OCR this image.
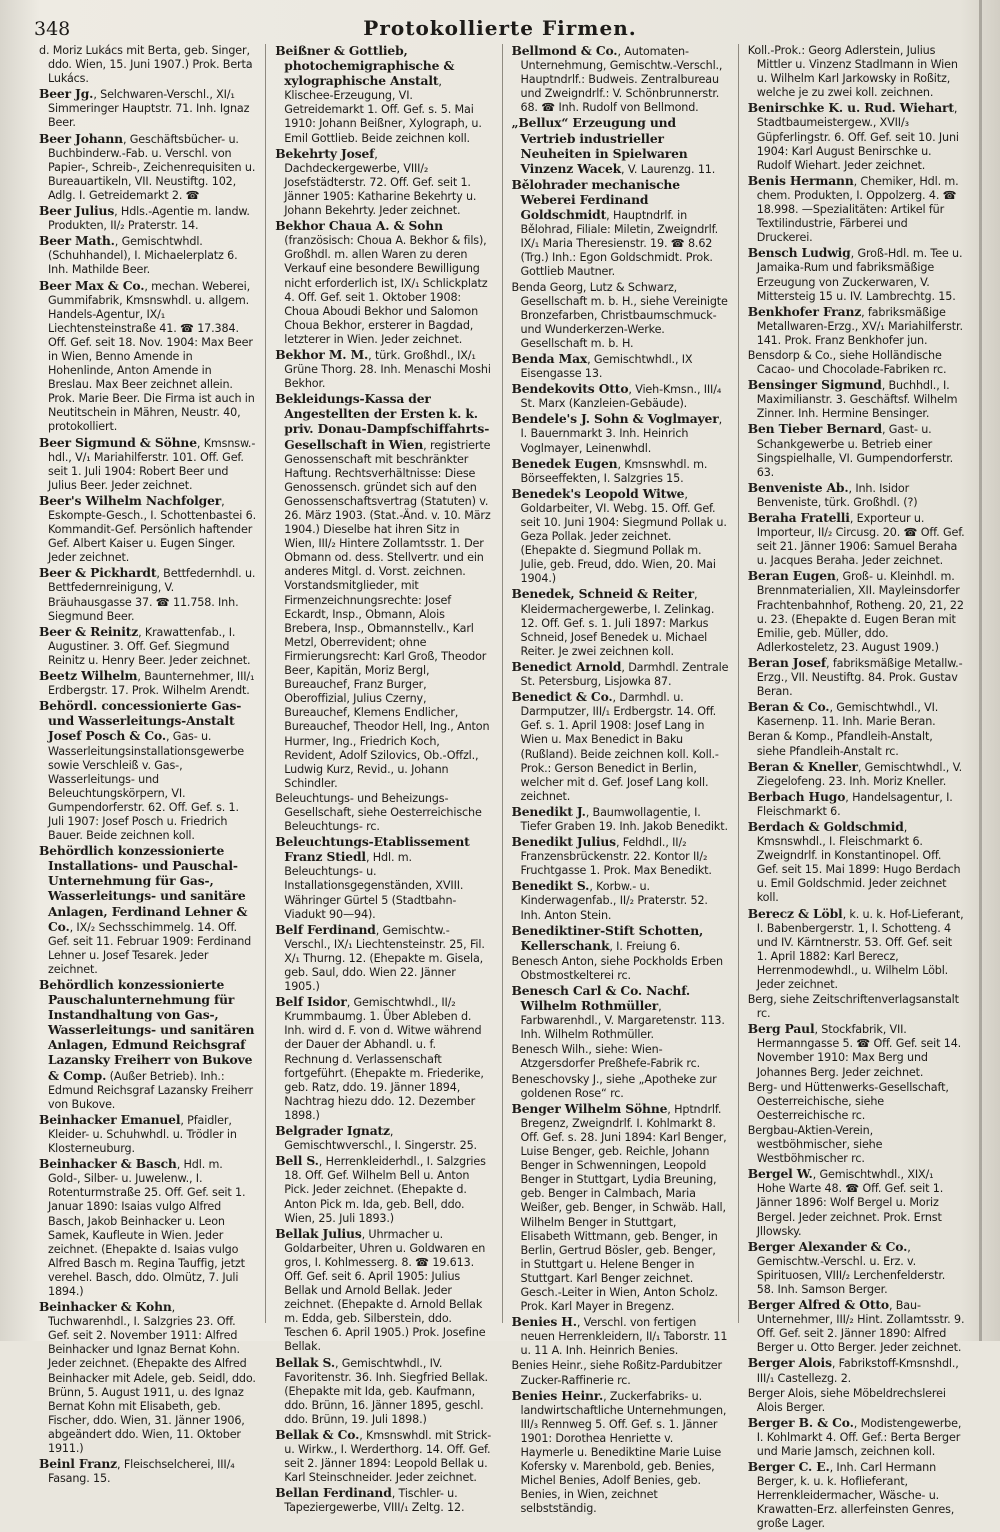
348	Protokollierte Firmen.

d. Moriz Lukács mit Berta, geb. Singer, ddo. Wien, 15. Juni 1907.) Prok. Berta Lukács.

Beer Jg., Selchwaren-Verschl., XI/₁ Simmeringer Hauptstr. 71. Inh. Ignaz Beer.

Beer Johann, Geschäftsbücher- u. Buchbinderw.-Fab. u. Verschl. von Papier-, Schreib-, Zeichenrequisiten u. Bureauartikeln, VII. Neustiftg. 102, Adlg. I. Getreidemarkt 2. ☎

Beer Julius, Hdls.-Agentie m. landw. Produkten, II/₂ Praterstr. 14.

Beer Math., Gemischtwhdl. (Schuhhandel), I. Michaelerplatz 6. Inh. Mathilde Beer.

Beer Max & Co., mechan. Weberei, Gummifabrik, Kmsnswhdl. u. allgem. Handels-Agentur, IX/₁ Liechtensteinstraße 41. ☎ 17.384. Off. Gef. seit 18. Nov. 1904: Max Beer in Wien, Benno Amende in Hohenlinde, Anton Amende in Breslau. Max Beer zeichnet allein. Prok. Marie Beer. Die Firma ist auch in Neutitschein in Mähren, Neustr. 40, protokolliert.

Beer Sigmund & Söhne, Kmsnsw.-hdl., V/₁ Mariahilferstr. 101. Off. Gef. seit 1. Juli 1904: Robert Beer und Julius Beer. Jeder zeichnet.

Beer's Wilhelm Nachfolger, Eskompte-Gesch., I. Schottenbastei 6. Kommandit-Gef. Persönlich haftender Gef. Albert Kaiser u. Eugen Singer. Jeder zeichnet.

Beer & Pickhardt, Bettfedernhdl. u. Bettfedernreinigung, V. Bräuhausgasse 37. ☎ 11.758. Inh. Siegmund Beer.

Beer & Reinitz, Krawattenfab., I. Augustiner. 3. Off. Gef. Siegmund Reinitz u. Henry Beer. Jeder zeichnet.

Beetz Wilhelm, Baunternehmer, III/₁ Erdbergstr. 17. Prok. Wilhelm Arendt.

Behördl. concessionierte Gas- und Wasserleitungs-Anstalt Josef Posch & Co., Gas- u. Wasserleitungsinstallationsgewerbe sowie Verschleiß v. Gas-, Wasserleitungs- und Beleuchtungskörpern, VI. Gumpendorferstr. 62. Off. Gef. s. 1. Juli 1907: Josef Posch u. Friedrich Bauer. Beide zeichnen koll.

Behördlich konzessionierte Installations- und Pauschal-Unternehmung für Gas-, Wasserleitungs- und sanitäre Anlagen, Ferdinand Lehner & Co., IX/₂ Sechsschimmelg. 14. Off. Gef. seit 11. Februar 1909: Ferdinand Lehner u. Josef Tesarek. Jeder zeichnet.

Behördlich konzessionierte Pauschalunternehmung für Instandhaltung von Gas-, Wasserleitungs- und sanitären Anlagen, Edmund Reichsgraf Lazansky Freiherr von Bukove & Comp. (Außer Betrieb). Inh.: Edmund Reichsgraf Lazansky Freiherr von Bukove.

Beinhacker Emanuel, Pfaidler, Kleider- u. Schuhwhdl. u. Trödler in Klosterneuburg.

Beinhacker & Basch, Hdl. m. Gold-, Silber- u. Juwelenw., I. Rotenturmstraße 25. Off. Gef. seit 1. Januar 1890: Isaias vulgo Alfred Basch, Jakob Beinhacker u. Leon Samek, Kaufleute in Wien. Jeder zeichnet. (Ehepakte d. Isaias vulgo Alfred Basch m. Regina Tauffig, jetzt verehel. Basch, ddo. Olmütz, 7. Juli 1894.)

Beinhacker & Kohn, Tuchwarenhdl., I. Salzgries 23. Off. Gef. seit 2. November 1911: Alfred Beinhacker und Ignaz Bernat Kohn. Jeder zeichnet. (Ehepakte des Alfred Beinhacker mit Adele, geb. Seidl, ddo. Brünn, 5. August 1911, u. des Ignaz Bernat Kohn mit Elisabeth, geb. Fischer, ddo. Wien, 31. Jänner 1906, abgeändert ddo. Wien, 11. Oktober 1911.)

Beinl Franz, Fleischselcherei, III/₄ Fasang. 15.

Beißner & Gottlieb, photochemigraphische & xylographische Anstalt, Klischee-Erzeugung, VI. Getreidemarkt 1. Off. Gef. s. 5. Mai 1910: Johann Beißner, Xylograph, u. Emil Gottlieb. Beide zeichnen koll.

Bekehrty Josef, Dachdeckergewerbe, VIII/₂ Josefstädterstr. 72. Off. Gef. seit 1. Jänner 1905: Katharine Bekehrty u. Johann Bekehrty. Jeder zeichnet.

Bekhor Chaua A. & Sohn (französisch: Choua A. Bekhor & fils), Großhdl. m. allen Waren zu deren Verkauf eine besondere Bewilligung nicht erforderlich ist, IX/₁ Schlickplatz 4. Off. Gef. seit 1. Oktober 1908: Choua Aboudi Bekhor und Salomon Choua Bekhor, ersterer in Bagdad, letzterer in Wien. Jeder zeichnet.

Bekhor M. M., türk. Großhdl., IX/₁ Grüne Thorg. 28. Inh. Menaschi Moshi Bekhor.

Bekleidungs-Kassa der Angestellten der Ersten k. k. priv. Donau-Dampfschiffahrts-Gesellschaft in Wien, registrierte Genossenschaft mit beschränkter Haftung. Rechtsverhältnisse: Diese Genossensch. gründet sich auf den Genossenschaftsvertrag (Statuten) v. 26. März 1903. (Stat.-Änd. v. 10. März 1904.) Dieselbe hat ihren Sitz in Wien, III/₂ Hintere Zollamtsstr. 1. Der Obmann od. dess. Stellvertr. und ein anderes Mitgl. d. Vorst. zeichnen. Vorstandsmitglieder, mit Firmenzeichnungsrechte: Josef Eckardt, Insp., Obmann, Alois Brebera, Insp., Obmannstellv., Karl Metzl, Oberrevident; ohne Firmierungsrecht: Karl Groß, Theodor Beer, Kapitän, Moriz Bergl, Bureauchef, Franz Burger, Oberoffizial, Julius Czerny, Bureauchef, Klemens Endlicher, Bureauchef, Theodor Hell, Ing., Anton Hurmer, Ing., Friedrich Koch, Revident, Adolf Szilovics, Ob.-Offzl., Ludwig Kurz, Revid., u. Johann Schindler.

Beleuchtungs- und Beheizungs-Gesellschaft, siehe Oesterreichische Beleuchtungs- rc.

Beleuchtungs-Etablissement Franz Stiedl, Hdl. m. Beleuchtungs- u. Installationsgegenständen, XVIII. Währinger Gürtel 5 (Stadtbahn-Viadukt 90—94).

Belf Ferdinand, Gemischtw.-Verschl., IX/₁ Liechtensteinstr. 25, Fil. X/₁ Thurng. 12. (Ehepakte m. Gisela, geb. Saul, ddo. Wien 22. Jänner 1905.)

Belf Isidor, Gemischtwhdl., II/₂ Krummbaumg. 1. Über Ableben d. Inh. wird d. F. von d. Witwe während der Dauer der Abhandl. u. f. Rechnung d. Verlassenschaft fortgeführt. (Ehepakte m. Friederike, geb. Ratz, ddo. 19. Jänner 1894, Nachtrag hiezu ddo. 12. Dezember 1898.)

Belgrader Ignatz, Gemischtwverschl., I. Singerstr. 25.

Bell S., Herrenkleiderhdl., I. Salzgries 18. Off. Gef. Wilhelm Bell u. Anton Pick. Jeder zeichnet. (Ehepakte d. Anton Pick m. Ida, geb. Bell, ddo. Wien, 25. Juli 1893.)

Bellak Julius, Uhrmacher u. Goldarbeiter, Uhren u. Goldwaren en gros, I. Kohlmesserg. 8. ☎ 19.613. Off. Gef. seit 6. April 1905: Julius Bellak und Arnold Bellak. Jeder zeichnet. (Ehepakte d. Arnold Bellak m. Edda, geb. Silberstein, ddo. Teschen 6. April 1905.) Prok. Josefine Bellak.

Bellak S., Gemischtwhdl., IV. Favoritenstr. 36. Inh. Siegfried Bellak. (Ehepakte mit Ida, geb. Kaufmann, ddo. Brünn, 16. Jänner 1895, geschl. ddo. Brünn, 19. Juli 1898.)

Bellak & Co., Kmsnswhdl. mit Strick- u. Wirkw., I. Werderthorg. 14. Off. Gef. seit 2. Jänner 1894: Leopold Bellak u. Karl Steinschneider. Jeder zeichnet.

Bellan Ferdinand, Tischler- u. Tapeziergewerbe, VIII/₁ Zeltg. 12.

Bellmond & Co., Automaten-Unternehmung, Gemischtw.-Verschl., Hauptndrlf.: Budweis. Zentralbureau und Zweigndrlf.: V. Schönbrunnerstr. 68. ☎ Inh. Rudolf von Bellmond.

„Bellux“ Erzeugung und Vertrieb industrieller Neuheiten in Spielwaren Vinzenz Wacek, V. Laurenzg. 11.

Bělohrader mechanische Weberei Ferdinand Goldschmidt, Hauptndrlf. in Bělohrad, Filiale: Miletin, Zweigndrlf. IX/₁ Maria Theresienstr. 19. ☎ 8.62 (Trg.) Inh.: Egon Goldschmidt. Prok. Gottlieb Mautner.

Benda Georg, Lutz & Schwarz, Gesellschaft m. b. H., siehe Vereinigte Bronzefarben, Christbaumschmuck- und Wunderkerzen-Werke. Gesellschaft m. b. H.

Benda Max, Gemischtwhdl., IX Eisengasse 13.

Bendekovits Otto, Vieh-Kmsn., III/₄ St. Marx (Kanzleien-Gebäude).

Bendele's J. Sohn & Voglmayer, I. Bauernmarkt 3. Inh. Heinrich Voglmayer, Leinenwhdl.

Benedek Eugen, Kmsnswhdl. m. Börseeffekten, I. Salzgries 15.

Benedek's Leopold Witwe, Goldarbeiter, VI. Webg. 15. Off. Gef. seit 10. Juni 1904: Siegmund Pollak u. Geza Pollak. Jeder zeichnet. (Ehepakte d. Siegmund Pollak m. Julie, geb. Freud, ddo. Wien, 20. Mai 1904.)

Benedek, Schneid & Reiter, Kleidermachergewerbe, I. Zelinkag. 12. Off. Gef. s. 1. Juli 1897: Markus Schneid, Josef Benedek u. Michael Reiter. Je zwei zeichnen koll.

Benedict Arnold, Darmhdl. Zentrale St. Petersburg, Lisjowka 87.

Benedict & Co., Darmhdl. u. Darmputzer, III/₁ Erdbergstr. 14. Off. Gef. s. 1. April 1908: Josef Lang in Wien u. Max Benedict in Baku (Rußland). Beide zeichnen koll. Koll.-Prok.: Gerson Benedict in Berlin, welcher mit d. Gef. Josef Lang koll. zeichnet.

Benedikt J., Baumwollagentie, I. Tiefer Graben 19. Inh. Jakob Benedikt.

Benedikt Julius, Feldhdl., II/₂ Franzensbrückenstr. 22. Kontor II/₂ Fruchtgasse 1. Prok. Max Benedikt.

Benedikt S., Korbw.- u. Kinderwagenfab., II/₂ Praterstr. 52. Inh. Anton Stein.

Benediktiner-Stift Schotten, Kellerschank, I. Freiung 6.

Benesch Anton, siehe Pockholds Erben Obstmostkelterei rc.

Benesch Carl & Co. Nachf. Wilhelm Rothmüller, Farbwarenhdl., V. Margaretenstr. 113. Inh. Wilhelm Rothmüller.

Benesch Wilh., siehe: Wien-Atzgersdorfer Preßhefe-Fabrik rc.

Beneschovsky J., siehe „Apotheke zur goldenen Rose“ rc.

Benger Wilhelm Söhne, Hptndrlf. Bregenz, Zweigndrlf. I. Kohlmarkt 8. Off. Gef. s. 28. Juni 1894: Karl Benger, Luise Benger, geb. Reichle, Johann Benger in Schwenningen, Leopold Benger in Stuttgart, Lydia Breuning, geb. Benger in Calmbach, Maria Weißer, geb. Benger, in Schwäb. Hall, Wilhelm Benger in Stuttgart, Elisabeth Wittmann, geb. Benger, in Berlin, Gertrud Bösler, geb. Benger, in Stuttgart u. Helene Benger in Stuttgart. Karl Benger zeichnet. Gesch.-Leiter in Wien, Anton Scholz. Prok. Karl Mayer in Bregenz.

Benies H., Verschl. von fertigen neuen Herrenkleidern, II/₁ Taborstr. 11 u. 11 A. Inh. Heinrich Benies.

Benies Heinr., siehe Roßitz-Pardubitzer Zucker-Raffinerie rc.

Benies Heinr., Zuckerfabriks- u. landwirtschaftliche Unternehmungen, III/₃ Rennweg 5. Off. Gef. s. 1. Jänner 1901: Dorothea Henriette v. Haymerle u. Benediktine Marie Luise Kofersky v. Marenbold, geb. Benies, Michel Benies, Adolf Benies, geb. Benies, in Wien, zeichnet selbstständig.

Koll.-Prok.: Georg Adlerstein, Julius Mittler u. Vinzenz Stadlmann in Wien u. Wilhelm Karl Jarkowsky in Roßitz, welche je zu zwei koll. zeichnen.

Benirschke K. u. Rud. Wiehart, Stadtbaumeistergew., XVII/₃ Güpferlingstr. 6. Off. Gef. seit 10. Juni 1904: Karl August Benirschke u. Rudolf Wiehart. Jeder zeichnet.

Benis Hermann, Chemiker, Hdl. m. chem. Produkten, I. Oppolzerg. 4. ☎ 18.998. —Spezialitäten: Artikel für Textilindustrie, Färberei und Druckerei.

Bensch Ludwig, Groß-Hdl. m. Tee u. Jamaika-Rum und fabriksmäßige Erzeugung von Zuckerwaren, V. Mittersteig 15 u. IV. Lambrechtg. 15.

Benkhofer Franz, fabriksmäßige Metallwaren-Erzg., XV/₁ Mariahilferstr. 141. Prok. Franz Benkhofer jun.

Bensdorp & Co., siehe Holländische Cacao- und Chocolade-Fabriken rc.

Bensinger Sigmund, Buchhdl., I. Maximilianstr. 3. Geschäftsf. Wilhelm Zinner. Inh. Hermine Bensinger.

Ben Tieber Bernard, Gast- u. Schankgewerbe u. Betrieb einer Singspielhalle, VI. Gumpendorferstr. 63.

Benveniste Ab., Inh. Isidor Benveniste, türk. Großhdl. (?)

Beraha Fratelli, Exporteur u. Importeur, II/₂ Circusg. 20. ☎ Off. Gef. seit 21. Jänner 1906: Samuel Beraha u. Jacques Beraha. Jeder zeichnet.

Beran Eugen, Groß- u. Kleinhdl. m. Brennmaterialien, XII. Mayleinsdorfer Frachtenbahnhof, Rotheng. 20, 21, 22 u. 23. (Ehepakte d. Eugen Beran mit Emilie, geb. Müller, ddo. Adlerkosteletz, 23. August 1909.)

Beran Josef, fabriksmäßige Metallw.-Erzg., VII. Neustiftg. 84. Prok. Gustav Beran.

Beran & Co., Gemischtwhdl., VI. Kasernenp. 11. Inh. Marie Beran.

Beran & Komp., Pfandleih-Anstalt, siehe Pfandleih-Anstalt rc.

Beran & Kneller, Gemischtwhdl., V. Ziegelofeng. 23. Inh. Moriz Kneller.

Berbach Hugo, Handelsagentur, I. Fleischmarkt 6.

Berdach & Goldschmid, Kmsnswhdl., I. Fleischmarkt 6. Zweigndrlf. in Konstantinopel. Off. Gef. seit 15. Mai 1899: Hugo Berdach u. Emil Goldschmid. Jeder zeichnet koll.

Berecz & Löbl, k. u. k. Hof-Lieferant, I. Babenbergerstr. 1, I. Schotteng. 4 und IV. Kärntnerstr. 53. Off. Gef. seit 1. April 1882: Karl Berecz, Herrenmodewhdl., u. Wilhelm Löbl. Jeder zeichnet.

Berg, siehe Zeitschriftenverlagsanstalt rc.

Berg Paul, Stockfabrik, VII. Hermanngasse 5. ☎ Off. Gef. seit 14. November 1910: Max Berg und Johannes Berg. Jeder zeichnet.

Berg- und Hüttenwerks-Gesellschaft, Oesterreichische, siehe Oesterreichische rc.

Bergbau-Aktien-Verein, westböhmischer, siehe Westböhmischer rc.

Bergel W., Gemischtwhdl., XIX/₁ Hohe Warte 48. ☎ Off. Gef. seit 1. Jänner 1896: Wolf Bergel u. Moriz Bergel. Jeder zeichnet. Prok. Ernst Jllowsky.

Berger Alexander & Co., Gemischtw.-Verschl. u. Erz. v. Spirituosen, VIII/₂ Lerchenfelderstr. 58. Inh. Samson Berger.

Berger Alfred & Otto, Bau-Unternehmer, III/₂ Hint. Zollamtsstr. 9. Off. Gef. seit 2. Jänner 1890: Alfred Berger u. Otto Berger. Jeder zeichnet.

Berger Alois, Fabrikstoff-Kmsnshdl., III/₁ Castellezg. 2.

Berger Alois, siehe Möbeldrechslerei Alois Berger.

Berger B. & Co., Modistengewerbe, I. Kohlmarkt 4. Off. Gef.: Berta Berger und Marie Jamsch, zeichnen koll.

Berger C. E., Inh. Carl Hermann Berger, k. u. k. Hoflieferant, Herrenkleidermacher, Wäsche- u. Krawatten-Erz. allerfeinsten Genres, große Lager.
